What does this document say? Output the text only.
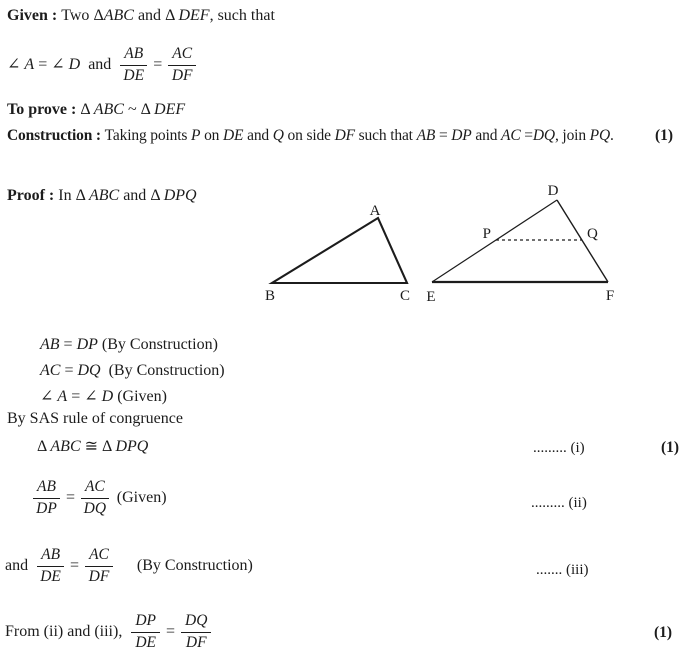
Given : Two ΔABC and Δ DEF, such that
∠ A = ∠ D  and $\frac{AB}{DE} = \frac{AC}{DF}$
To prove : Δ ABC ~ Δ DEF
Construction : Taking points P on DE and Q on side DF such that AB = DP and AC =DQ, join PQ.	(1)
Proof : In Δ ABC and Δ DPQ
A
B	C
D
E	F
P	Q
AB = DP (By Construction)
AC = DQ  (By Construction)
∠ A = ∠ D (Given)
By SAS rule of congruence
Δ ABC ≅ Δ DPQ	......... (i)	(1)
$\frac{AB}{DP} = \frac{AC}{DQ}$ (Given)	......... (ii)
and $\frac{AB}{DE} = \frac{AC}{DF} (By$ Construction)	....... (iii)
From (ii) and (iii), $\frac{DP}{DE} = \frac{DQ}{DF}$	(1)
